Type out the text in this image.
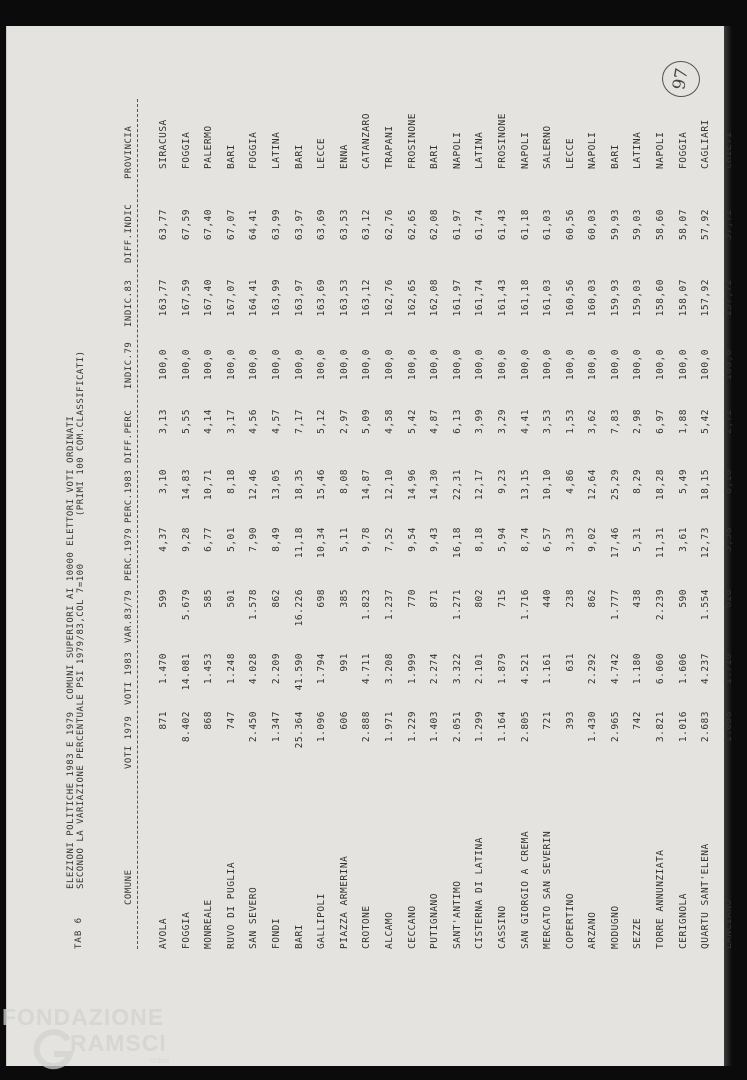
97
TAB 6
ELEZIONI POLITICHE 1983 E 1979  COMUNI SUPERIORI AI 10000 ELETTORI VOTI ORDINATI SECONDO LA VARIAZIONE PERCENTUALE PSI 1979/83,COL 7=100        (PRIMI 100 COM.CLASSIFICATI)	COMUNE
VOTI 1979
VOTI 1983
VAR.83/79
PERC.1979
PERC.1983
DIFF.PERC
INDIC.79
INDIC.83
DIFF.INDIC
PROVINCIA
AVOLA
871
1.470
599
4,37
3,10
3,13
100,0
163,77
63,77
SIRACUSA
FOGGIA
8.402
14.081
5.679
9,28
14,83
5,55
100,0
167,59
67,59
FOGGIA
MONREALE
868
1.453
585
6,77
10,71
4,14
100,0
167,40
67,40
PALERMO
RUVO DI PUGLIA
747
1.248
501
5,01
8,18
3,17
100,0
167,07
67,07
BARI
SAN SEVERO
2.450
4.028
1.578
7,90
12,46
4,56
100,0
164,41
64,41
FOGGIA
FONDI
1.347
2.209
862
8,49
13,05
4,57
100,0
163,99
63,99
LATINA
BARI
25.364
41.590
16.226
11,18
18,35
7,17
100,0
163,97
63,97
BARI
GALLIPOLI
1.096
1.794
698
10,34
15,46
5,12
100,0
163,69
63,69
LECCE
PIAZZA ARMERINA
606
991
385
5,11
8,08
2,97
100,0
163,53
63,53
ENNA
CROTONE
2.888
4.711
1.823
9,78
14,87
5,09
100,0
163,12
63,12
CATANZARO
ALCAMO
1.971
3.208
1.237
7,52
12,10
4,58
100,0
162,76
62,76
TRAPANI
CECCANO
1.229
1.999
770
9,54
14,96
5,42
100,0
162,65
62,65
FROSINONE
PUTIGNANO
1.403
2.274
871
9,43
14,30
4,87
100,0
162,08
62,08
BARI
SANT'ANTIMO
2.051
3.322
1.271
16,18
22,31
6,13
100,0
161,97
61,97
NAPOLI
CISTERNA DI LATINA
1.299
2.101
802
8,18
12,17
3,99
100,0
161,74
61,74
LATINA
CASSINO
1.164
1.879
715
5,94
9,23
3,29
100,0
161,43
61,43
FROSINONE
SAN GIORGIO A CREMA
2.805
4.521
1.716
8,74
13,15
4,41
100,0
161,18
61,18
NAPOLI
MERCATO SAN SEVERIN
721
1.161
440
6,57
10,10
3,53
100,0
161,03
61,03
SALERNO
COPERTINO
393
631
238
3,33
4,86
1,53
100,0
160,56
60,56
LECCE
ARZANO
1.430
2.292
862
9,02
12,64
3,62
100,0
160,03
60,03
NAPOLI
MODUGNO
2.965
4.742
1.777
17,46
25,29
7,83
100,0
159,93
59,93
BARI
SEZZE
742
1.180
438
5,31
8,29
2,98
100,0
159,03
59,03
LATINA
TORRE ANNUNZIATA
3.821
6.060
2.239
11,31
18,28
6,97
100,0
158,60
58,60
NAPOLI
CERIGNOLA
1.016
1.606
590
3,61
5,49
1,88
100,0
158,07
58,07
FOGGIA
QUARTU SANT'ELENA
2.683
4.237
1.554
12,73
18,15
5,42
100,0
157,92
57,92
CAGLIARI
LANCIANO
1.088
1.716
628
5,38
8,10
2,72
100,0
157,72
57,72
CHIETI
FONDAZIONE
RAMSCI
onlus
